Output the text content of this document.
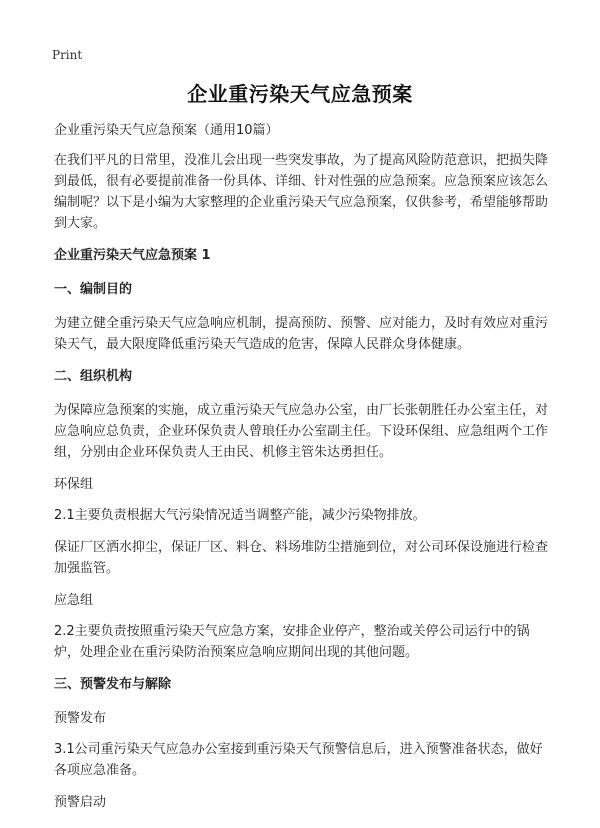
Print
企业重污染天气应急预案

企业重污染天气应急预案（通用10篇）

在我们平凡的日常里，没准儿会出现一些突发事故，为了提高风险防范意识，把损失降到最低，很有必要提前准备一份具体、详细、针对性强的应急预案。应急预案应该怎么编制呢？以下是小编为大家整理的企业重污染天气应急预案，仅供参考，希望能够帮助到大家。

企业重污染天气应急预案 1
一、编制目的

为建立健全重污染天气应急响应机制，提高预防、预警、应对能力，及时有效应对重污染天气，最大限度降低重污染天气造成的危害，保障人民群众身体健康。

二、组织机构

为保障应急预案的实施，成立重污染天气应急办公室，由厂长张朝胜任办公室主任，对应急响应总负责，企业环保负责人曾琅任办公室副主任。下设环保组、应急组两个工作组，分别由企业环保负责人王由民、机修主管朱达勇担任。

环保组

2.1主要负责根据大气污染情况适当调整产能，减少污染物排放。

保证厂区洒水抑尘，保证厂区、料仓、料场堆防尘措施到位，对公司环保设施进行检查加强监管。

应急组

2.2主要负责按照重污染天气应急方案，安排企业停产，整治或关停公司运行中的锅炉，处理企业在重污染防治预案应急响应期间出现的其他问题。

三、预警发布与解除

预警发布

3.1公司重污染天气应急办公室接到重污染天气预警信息后，进入预警准备状态，做好各项应急准备。

预警启动
